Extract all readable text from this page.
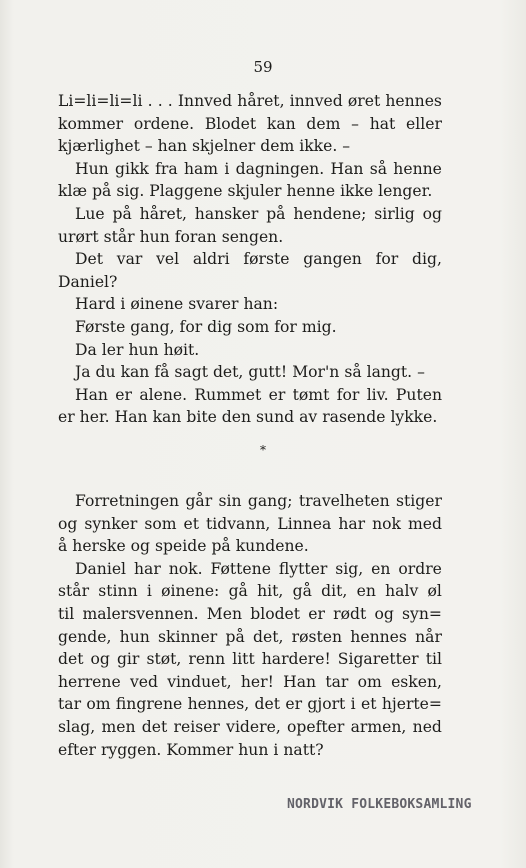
59
Li=li=li=li . . . Innved håret, innved øret hennes
kommer ordene. Blodet kan dem – hat eller
kjærlighet – han skjelner dem ikke. –
Hun gikk fra ham i dagningen. Han så henne
klæ på sig. Plaggene skjuler henne ikke lenger.
Lue på håret, hansker på hendene; sirlig og
urørt står hun foran sengen.
Det var vel aldri første gangen for dig,
Daniel?
Hard i øinene svarer han:
Første gang, for dig som for mig.
Da ler hun høit.
Ja du kan få sagt det, gutt! Mor'n så langt. –
Han er alene. Rummet er tømt for liv. Puten
er her. Han kan bite den sund av rasende lykke.
*
Forretningen går sin gang; travelheten stiger
og synker som et tidvann, Linnea har nok med
å herske og speide på kundene.
Daniel har nok. Føttene flytter sig, en ordre
står stinn i øinene: gå hit, gå dit, en halv øl
til malersvennen. Men blodet er rødt og syn=
gende, hun skinner på det, røsten hennes når
det og gir støt, renn litt hardere! Sigaretter til
herrene ved vinduet, her! Han tar om esken,
tar om fingrene hennes, det er gjort i et hjerte=
slag, men det reiser videre, opefter armen, ned
efter ryggen. Kommer hun i natt?
NORDVIK FOLKEBOKSAMLING
